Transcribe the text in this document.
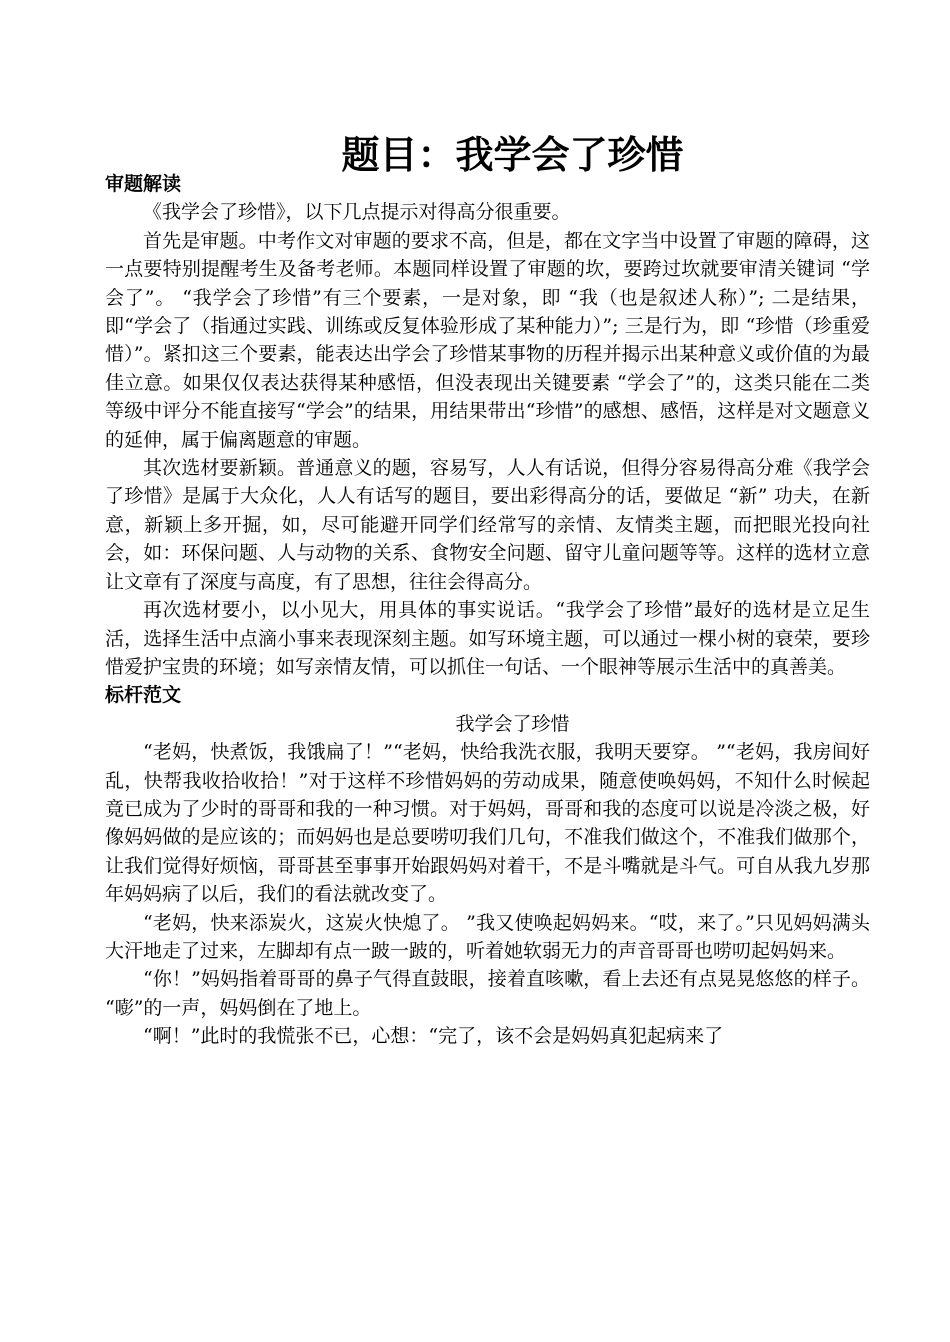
题目：我学会了珍惜
审题解读

《我学会了珍惜》，以下几点提示对得高分很重要。

首先是审题。中考作文对审题的要求不高，但是，都在文字当中设置了审题的障碍，这一点要特别提醒考生及备考老师。本题同样设置了审题的坎，要跨过坎就要审清关键词 “学会了”。 “我学会了珍惜”有三个要素，一是对象，即 “我（也是叙述人称）”; 二是结果，即“学会了（指通过实践、训练或反复体验形成了某种能力）”; 三是行为，即 “珍惜（珍重爱惜）”。紧扣这三个要素，能表达出学会了珍惜某事物的历程并揭示出某种意义或价值的为最佳立意。如果仅仅表达获得某种感悟，但没表现出关键要素 “学会了”的，这类只能在二类等级中评分不能直接写“学会”的结果，用结果带出“珍惜”的感想、感悟，这样是对文题意义的延伸，属于偏离题意的审题。

其次选材要新颖。普通意义的题，容易写，人人有话说，但得分容易得高分难《我学会了珍惜》是属于大众化，人人有话写的题目，要出彩得高分的话，要做足 “新” 功夫，在新意，新颖上多开掘，如，尽可能避开同学们经常写的亲情、友情类主题，而把眼光投向社会，如：环保问题、人与动物的关系、食物安全问题、留守儿童问题等等。这样的选材立意让文章有了深度与高度，有了思想，往往会得高分。

再次选材要小，以小见大，用具体的事实说话。“我学会了珍惜”最好的选材是立足生活，选择生活中点滴小事来表现深刻主题。如写环境主题，可以通过一棵小树的衰荣，要珍惜爱护宝贵的环境；如写亲情友情，可以抓住一句话、一个眼神等展示生活中的真善美。

标杆范文

我学会了珍惜

“老妈，快煮饭，我饿扁了！”“老妈，快给我洗衣服，我明天要穿。 ”“老妈，我房间好乱，快帮我收拾收拾！”对于这样不珍惜妈妈的劳动成果，随意使唤妈妈，不知什么时候起竟已成为了少时的哥哥和我的一种习惯。对于妈妈，哥哥和我的态度可以说是冷淡之极，好像妈妈做的是应该的；而妈妈也是总要唠叨我们几句，不准我们做这个，不准我们做那个，让我们觉得好烦恼，哥哥甚至事事开始跟妈妈对着干，不是斗嘴就是斗气。可自从我九岁那年妈妈病了以后，我们的看法就改变了。

“老妈，快来添炭火，这炭火快熄了。 ”我又使唤起妈妈来。“哎，来了。”只见妈妈满头大汗地走了过来，左脚却有点一跛一跛的，听着她软弱无力的声音哥哥也唠叨起妈妈来。

“你！”妈妈指着哥哥的鼻子气得直鼓眼，接着直咳嗽，看上去还有点晃晃悠悠的样子。 “嘭”的一声，妈妈倒在了地上。

“啊！”此时的我慌张不已，心想：“完了，该不会是妈妈真犯起病来了
